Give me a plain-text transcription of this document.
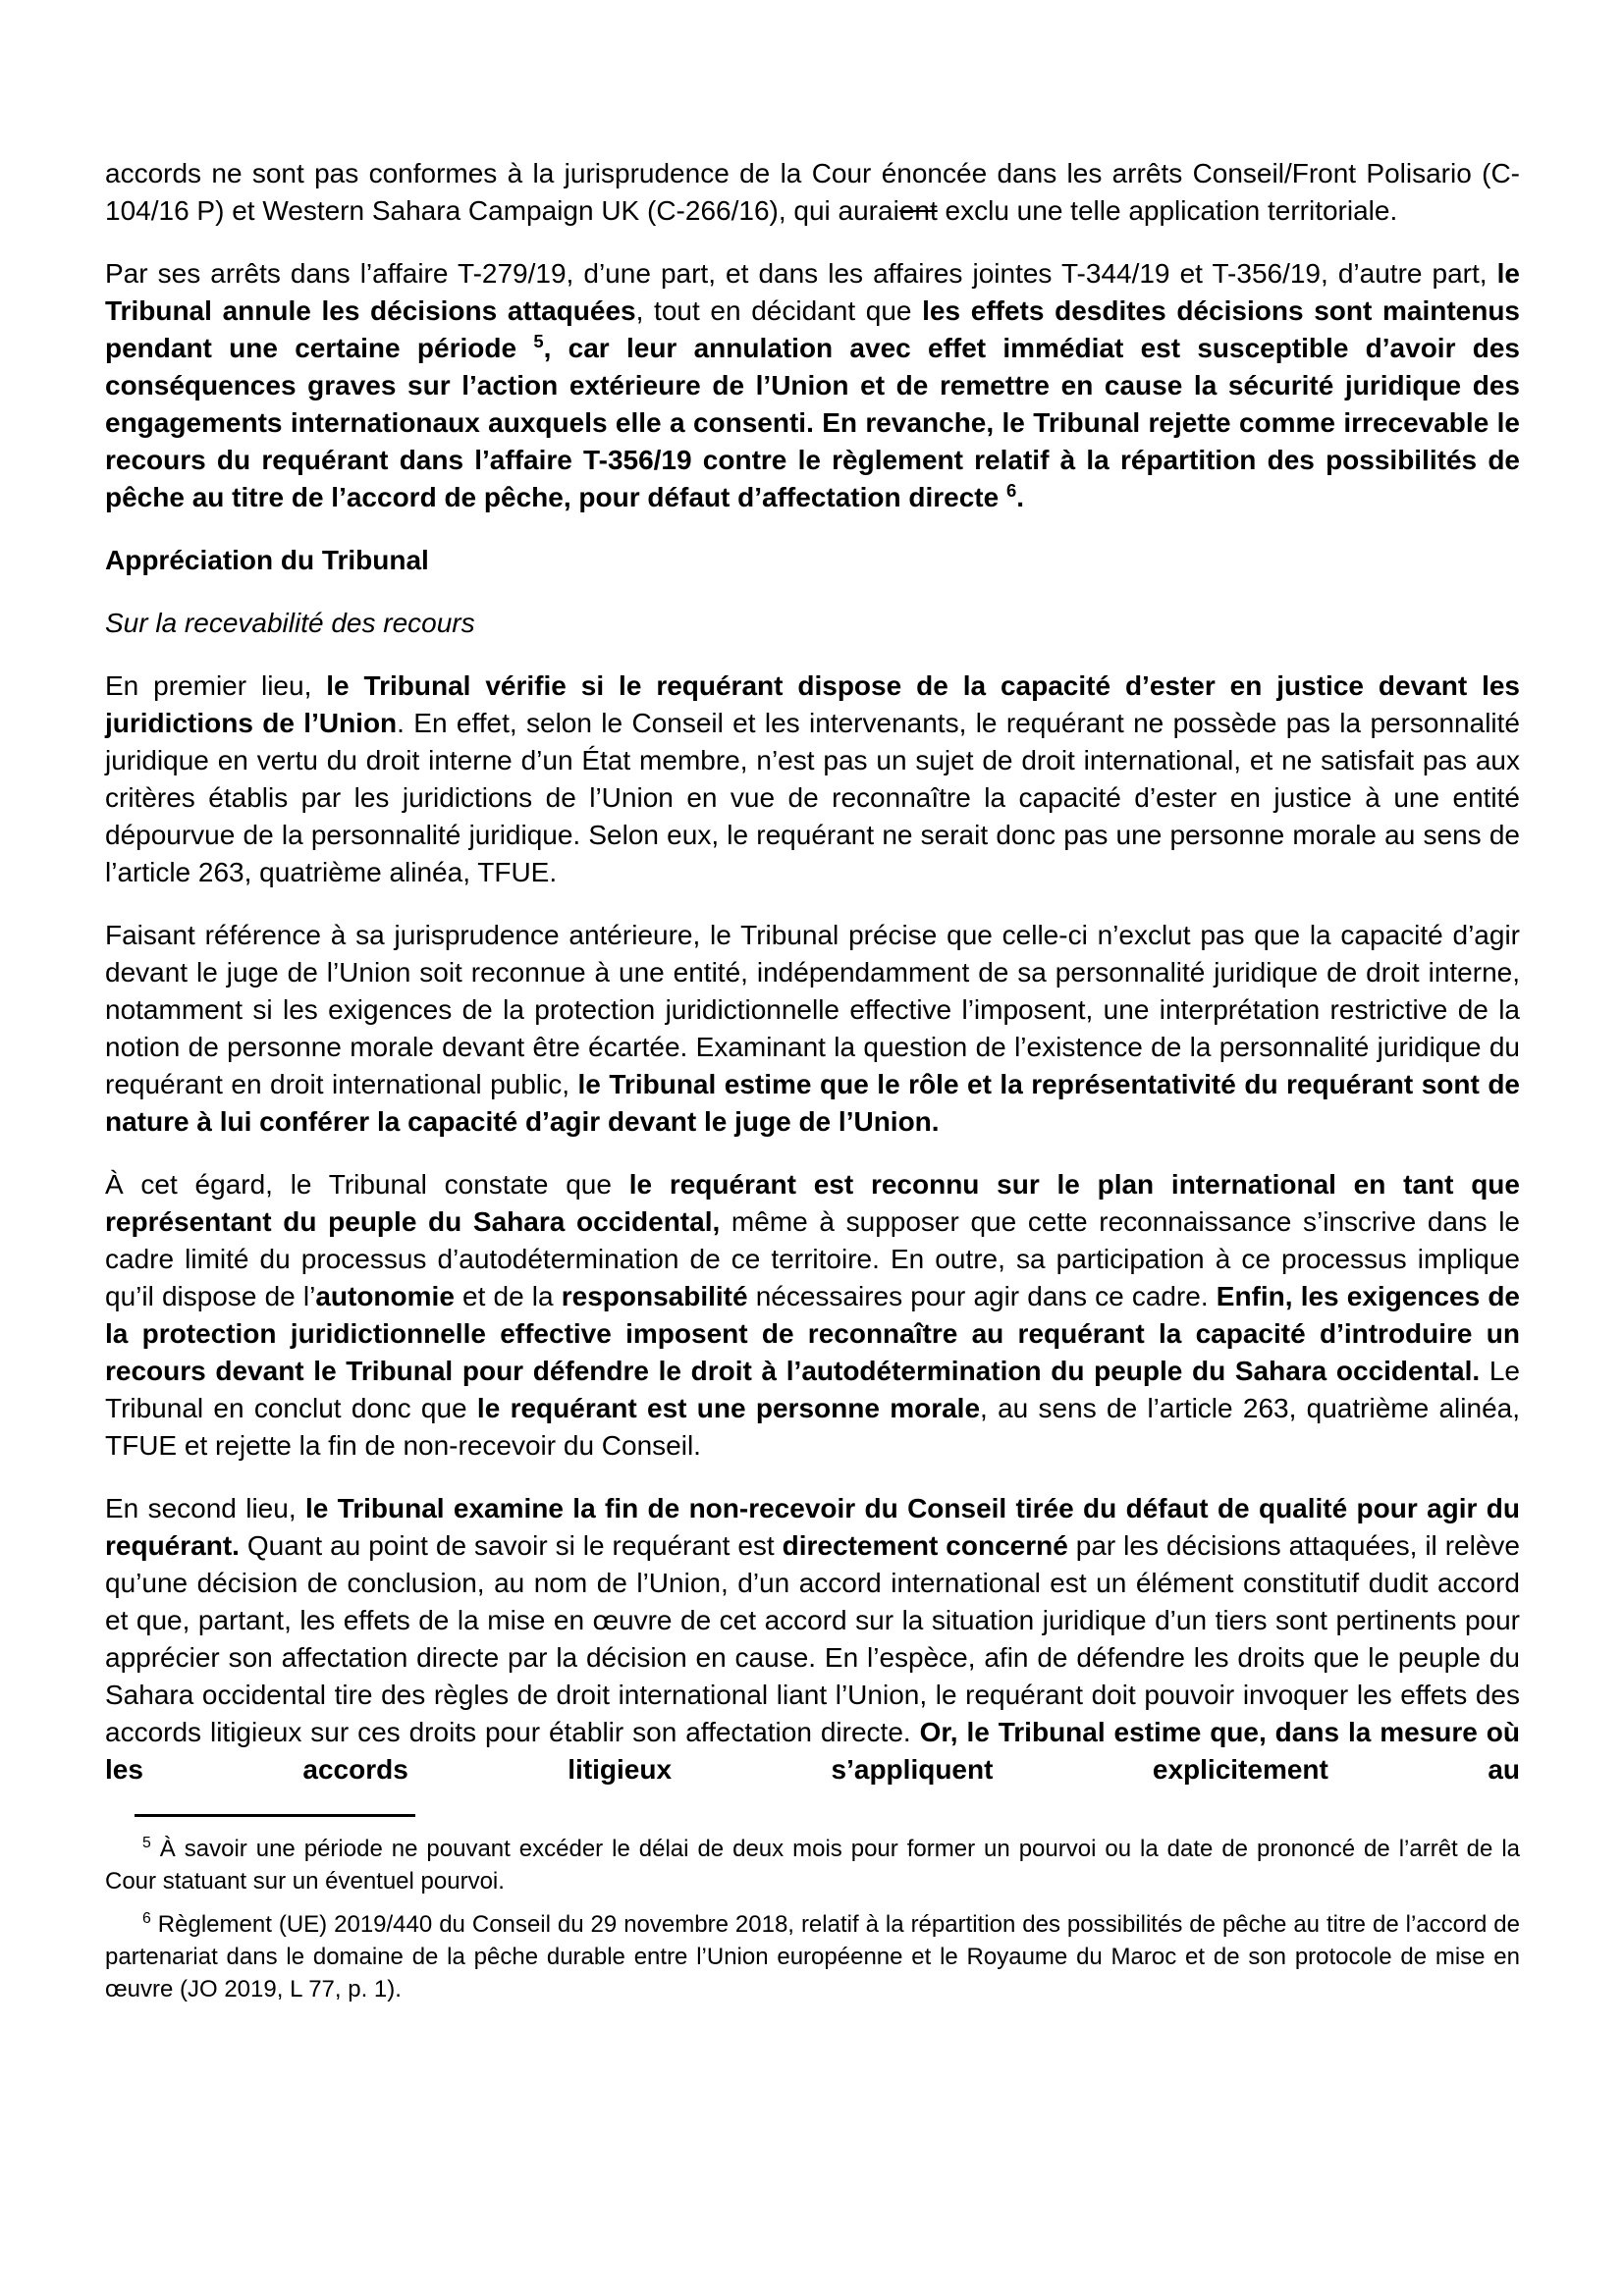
accords ne sont pas conformes à la jurisprudence de la Cour énoncée dans les arrêts Conseil/Front Polisario (C-104/16 P) et Western Sahara Campaign UK (C-266/16), qui auraient exclu une telle application territoriale.

Par ses arrêts dans l’affaire T-279/19, d’une part, et dans les affaires jointes T-344/19 et T-356/19, d’autre part, le Tribunal annule les décisions attaquées, tout en décidant que les effets desdites décisions sont maintenus pendant une certaine période $^5$, car leur annulation avec effet immédiat est susceptible d’avoir des conséquences graves sur l’action extérieure de l’Union et de remettre en cause la sécurité juridique des engagements internationaux auxquels elle a consenti. En revanche, le Tribunal rejette comme irrecevable le recours du requérant dans l’affaire T-356/19 contre le règlement relatif à la répartition des possibilités de pêche au titre de l’accord de pêche, pour défaut d’affectation directe $^6$.

Appréciation du Tribunal

Sur la recevabilité des recours

En premier lieu, le Tribunal vérifie si le requérant dispose de la capacité d’ester en justice devant les juridictions de l’Union. En effet, selon le Conseil et les intervenants, le requérant ne possède pas la personnalité juridique en vertu du droit interne d’un État membre, n’est pas un sujet de droit international, et ne satisfait pas aux critères établis par les juridictions de l’Union en vue de reconnaître la capacité d’ester en justice à une entité dépourvue de la personnalité juridique. Selon eux, le requérant ne serait donc pas une personne morale au sens de l’article 263, quatrième alinéa, TFUE.

Faisant référence à sa jurisprudence antérieure, le Tribunal précise que celle-ci n’exclut pas que la capacité d’agir devant le juge de l’Union soit reconnue à une entité, indépendamment de sa personnalité juridique de droit interne, notamment si les exigences de la protection juridictionnelle effective l’imposent, une interprétation restrictive de la notion de personne morale devant être écartée. Examinant la question de l’existence de la personnalité juridique du requérant en droit international public, le Tribunal estime que le rôle et la représentativité du requérant sont de nature à lui conférer la capacité d’agir devant le juge de l’Union.

À cet égard, le Tribunal constate que le requérant est reconnu sur le plan international en tant que représentant du peuple du Sahara occidental, même à supposer que cette reconnaissance s’inscrive dans le cadre limité du processus d’autodétermination de ce territoire. En outre, sa participation à ce processus implique qu’il dispose de l’autonomie et de la responsabilité nécessaires pour agir dans ce cadre. Enfin, les exigences de la protection juridictionnelle effective imposent de reconnaître au requérant la capacité d’introduire un recours devant le Tribunal pour défendre le droit à l’autodétermination du peuple du Sahara occidental. Le Tribunal en conclut donc que le requérant est une personne morale, au sens de l’article 263, quatrième alinéa, TFUE et rejette la fin de non-recevoir du Conseil.

En second lieu, le Tribunal examine la fin de non-recevoir du Conseil tirée du défaut de qualité pour agir du requérant. Quant au point de savoir si le requérant est directement concerné par les décisions attaquées, il relève qu’une décision de conclusion, au nom de l’Union, d’un accord international est un élément constitutif dudit accord et que, partant, les effets de la mise en œuvre de cet accord sur la situation juridique d’un tiers sont pertinents pour apprécier son affectation directe par la décision en cause. En l’espèce, afin de défendre les droits que le peuple du Sahara occidental tire des règles de droit international liant l’Union, le requérant doit pouvoir invoquer les effets des accords litigieux sur ces droits pour établir son affectation directe. Or, le Tribunal estime que, dans la mesure où les accords litigieux s’appliquent explicitement au

$^5$ À savoir une période ne pouvant excéder le délai de deux mois pour former un pourvoi ou la date de prononcé de l’arrêt de la Cour statuant sur un éventuel pourvoi.

$^6$ Règlement (UE) 2019/440 du Conseil du 29 novembre 2018, relatif à la répartition des possibilités de pêche au titre de l’accord de partenariat dans le domaine de la pêche durable entre l’Union européenne et le Royaume du Maroc et de son protocole de mise en œuvre (JO 2019, L 77, p. 1).
